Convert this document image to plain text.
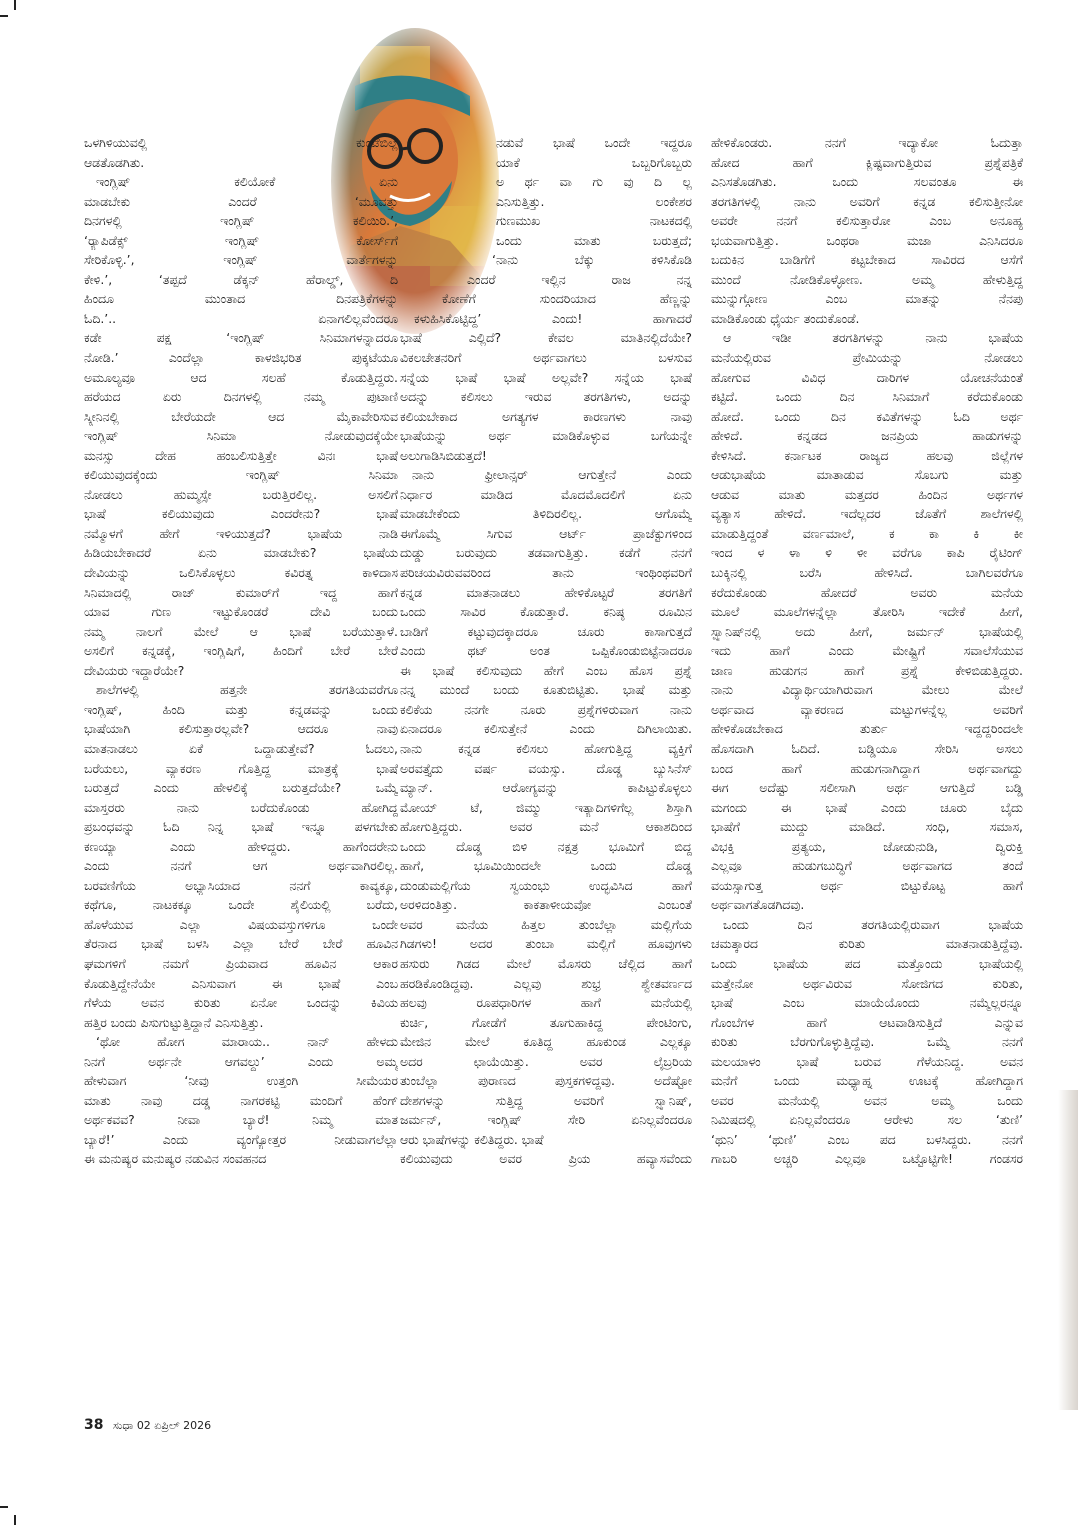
ಒಳಗಿಳಿಯುವಲ್ಲಿ ಕುಂಟೆಬಿಲ್ಲೆ
ಆಡತೊಡಗಿತು.
ಇಂಗ್ಲಿಷ್ ಕಲಿಯೋಕೆ ಏನು
ಮಾಡಬೇಕು ಎಂದರೆ ‘ಮೂವತ್ತು
ದಿನಗಳಲ್ಲಿ ಇಂಗ್ಲಿಷ್ ಕಲಿಯಿರಿ.’,
‘ರ‍್ಯಾಪಿಡೆಕ್ಸ್ ಇಂಗ್ಲಿಷ್ ಕೋರ್ಸ್‌ಗೆ
ಸೇರಿಕೊಳ್ಳಿ.’, ಇಂಗ್ಲಿಷ್ ವಾರ್ತೆಗಳನ್ನು
ಕೇಳಿ.’, ‘ತಪ್ಪದೆ ಡೆಕ್ಕನ್ ಹೆರಾಲ್ಡ್, ದಿ
ಹಿಂದೂ ಮುಂತಾದ ದಿನಪತ್ರಿಕೆಗಳನ್ನು
ಓದಿ.’.. ಏನಾಗಲಿಲ್ಲವೆಂದರೂ
ಕಡೇ ಪಕ್ಷ ‘ಇಂಗ್ಲಿಷ್ ಸಿನಿಮಾಗಳನ್ನಾದರೂ
ನೋಡಿ.’ ಎಂದೆಲ್ಲಾ ಕಾಳಜಿಭರಿತ ಪುಕ್ಕಟೆಯೂ
ಅಮೂಲ್ಯವೂ ಆದ ಸಲಹೆ ಕೊಡುತ್ತಿದ್ದರು.
ಹರೆಯದ ಏರು ದಿನಗಳಲ್ಲಿ ನಮ್ಮ ಪುಟಾಣಿ
ಸ್ಕ್ರೀನಿನಲ್ಲಿ ಬೇರೆಯದೇ ಆದ ಮೈಕಾವೇರಿಸುವ
ಇಂಗ್ಲಿಷ್ ಸಿನಿಮಾ ನೋಡುವುದಕ್ಕೆಯೇ
ಮನಸ್ಸು ದೇಹ ಹಂಬಲಿಸುತ್ತಿತ್ತೇ ವಿನಃ ಭಾಷೆ
ಕಲಿಯುವುದಕ್ಕೆಂದು ಇಂಗ್ಲಿಷ್ ಸಿನಿಮಾ
ನೋಡಲು ಹುಮ್ಮಸ್ಸೇ ಬರುತ್ತಿರಲಿಲ್ಲ. ಅಸಲಿಗೆ
ಭಾಷೆ ಕಲಿಯುವುದು ಎಂದರೇನು? ಭಾಷೆ
ನಮ್ಮೊಳಗೆ ಹೇಗೆ ಇಳಿಯುತ್ತದೆ? ಭಾಷೆಯ ನಾಡಿ
ಹಿಡಿಯಬೇಕಾದರೆ ಏನು ಮಾಡಬೇಕು? ಭಾಷೆಯ
ದೇವಿಯನ್ನು ಒಲಿಸಿಕೊಳ್ಳಲು ಕವಿರತ್ನ ಕಾಳಿದಾಸ
ಸಿನಿಮಾದಲ್ಲಿ ರಾಜ್ ಕುಮಾರ್‌ಗೆ ಇದ್ದ ಹಾಗೆ
ಯಾವ ಗುಣ ಇಟ್ಟುಕೊಂಡರೆ ದೇವಿ ಬಂದು
ನಮ್ಮ ನಾಲಗೆ ಮೇಲೆ ಆ ಭಾಷೆ ಬರೆಯುತ್ತಾಳೆ.
ಅಸಲಿಗೆ ಕನ್ನಡಕ್ಕೆ, ಇಂಗ್ಲಿಷಿಗೆ, ಹಿಂದಿಗೆ ಬೇರೆ ಬೇರೆ
ದೇವಿಯರು ಇದ್ದಾರೆಯೇ?
ಶಾಲೆಗಳಲ್ಲಿ ಹತ್ತನೇ ತರಗತಿಯವರೆಗೂ
ಇಂಗ್ಲಿಷ್, ಹಿಂದಿ ಮತ್ತು ಕನ್ನಡವನ್ನು ಒಂದು
ಭಾಷೆಯಾಗಿ ಕಲಿಸುತ್ತಾರಲ್ಲವೇ? ಆದರೂ ನಾವು
ಮಾತನಾಡಲು ಏಕೆ ಒದ್ದಾಡುತ್ತೇವೆ? ಓದಲು,
ಬರೆಯಲು, ವ್ಯಾಕರಣ ಗೊತ್ತಿದ್ದ ಮಾತ್ರಕ್ಕೆ ಭಾಷೆ
ಬರುತ್ತದೆ ಎಂದು ಹೇಳಲಿಕ್ಕೆ ಬರುತ್ತದೆಯೇ? ಒಮ್ಮೆ
ಮಾಸ್ತರರು ನಾನು ಬರೆದುಕೊಂಡು ಹೋಗಿದ್ದ
ಪ್ರಬಂಧವನ್ನು ಓದಿ ನಿನ್ನ ಭಾಷೆ ಇನ್ನೂ ಪಳಗಬೇಕು
ಕಣಯ್ಯಾ ಎಂದು ಹೇಳಿದ್ದರು. ಹಾಗೆಂದರೇನು
ಎಂದು ನನಗೆ ಆಗ ಅರ್ಥವಾಗಿರಲಿಲ್ಲ.
ಬರವಣಿಗೆಯ ಅಭ್ಯಾಸಿಯಾದ ನನಗೆ ಕಾವ್ಯಕ್ಕೂ,
ಕಥೆಗೂ, ನಾಟಕಕ್ಕೂ ಒಂದೇ ಶೈಲಿಯಲ್ಲಿ ಬರೆದು,
ಹೊಳೆಯುವ ಎಲ್ಲಾ ವಿಷಯವಸ್ತುಗಳಿಗೂ ಒಂದೇ
ತೆರನಾದ ಭಾಷೆ ಬಳಸಿ ಎಲ್ಲಾ ಬೇರೆ ಬೇರೆ ಹೂವಿನ
ಘಮಗಳಿಗೆ ನಮಗೆ ಪ್ರಿಯವಾದ ಹೂವಿನ ಆಕಾರ
ಕೊಡುತ್ತಿದ್ದೇನೆಯೇ ಎನಿಸುವಾಗ ಈ ಭಾಷೆ ಎಂಬ
ಗೆಳೆಯ ಅವನ ಕುರಿತು ಏನೋ ಒಂದನ್ನು ಕಿವಿಯ
ಹತ್ತಿರ ಬಂದು ಪಿಸುಗುಟ್ಟುತ್ತಿದ್ದಾನೆ ಎನಿಸುತ್ತಿತ್ತು.
‘ಥೋ ಹೋಗ ಮಾರಾಯ.. ನಾನ್ ಹೇಳದು
ನಿನಗೆ ಅರ್ಥನೇ ಆಗವಲ್ದು’ ಎಂದು ಅಮ್ಮ
ಹೇಳುವಾಗ ‘ನೀವು ಉತ್ತಂಗಿ ಸೀಮೆಯರ
ಮಾತು ನಾವು ದಡ್ಡ ನಾಗರಕಟ್ಟಿ ಮಂದಿಗೆ ಹೆಂಗ್
ಅರ್ಥಕವವ? ನೀವಾ ಬ್ಯಾರೆ! ನಿಮ್ಮ ಮಾತ
ಬ್ಯಾರೆ!’ ಎಂದು ವ್ಯಂಗ್ಯೋತ್ತರ ನೀಡುವಾಗಲೆಲ್ಲಾ
ಈ ಮನುಷ್ಯರ ಮನುಷ್ಯರ ನಡುವಿನ ಸಂವಹನದ
ನಡುವೆ ಭಾಷೆ ಒಂದೇ ಇದ್ದರೂ
ಯಾಕೆ ಒಬ್ಬರಿಗೊಬ್ಬರು
ಅ ರ್ಥ ವಾ ಗು ವು ದಿ ಲ್ಲ
ಎನಿಸುತ್ತಿತ್ತು. ಲಂಕೇಶರ
ಗುಣಮುಖ ನಾಟಕದಲ್ಲಿ
ಒಂದು ಮಾತು ಬರುತ್ತದೆ;
‘ನಾನು ಬೆಕ್ಕು ಕಳಿಸಿಕೊಡಿ
ಎಂದರೆ ಇಲ್ಲಿನ ರಾಜ ನನ್ನ
ಕೋಣೆಗೆ ಸುಂದರಿಯಾದ ಹೆಣ್ಣನ್ನು
ಕಳುಹಿಸಿಕೊಟ್ಟಿದ್ದ’ ಎಂದು! ಹಾಗಾದರೆ
ಭಾಷೆ ಎಲ್ಲಿದೆ? ಕೇವಲ ಮಾತಿನಲ್ಲಿದೆಯೇ?
ವಿಕಲಚೇತನರಿಗೆ ಅರ್ಥವಾಗಲು ಬಳಸುವ
ಸನ್ನೆಯ ಭಾಷೆ ಭಾಷೆ ಅಲ್ಲವೇ? ಸನ್ನೆಯ ಭಾಷೆ
ಅದನ್ನು ಕಲಿಸಲು ಇರುವ ತರಗತಿಗಳು, ಅದನ್ನು
ಕಲಿಯಬೇಕಾದ ಅಗತ್ಯಗಳ ಕಾರಣಗಳು ನಾವು
ಭಾಷೆಯನ್ನು ಅರ್ಥ ಮಾಡಿಕೊಳ್ಳುವ ಬಗೆಯನ್ನೇ
ಅಲುಗಾಡಿಸಿಬಿಡುತ್ತದೆ!
ನಾನು ಫ್ರೀಲಾನ್ಸರ್ ಆಗುತ್ತೇನೆ ಎಂದು
ನಿರ್ಧಾರ ಮಾಡಿದ ಮೊದಮೊದಲಿಗೆ ಏನು
ಮಾಡಬೇಕೆಂದು ತಿಳಿದಿರಲಿಲ್ಲ. ಆಗೊಮ್ಮೆ
ಈಗೊಮ್ಮೆ ಸಿಗುವ ಆರ್ಟ್ ಪ್ರಾಜೆಕ್ಟುಗಳಿಂದ
ದುಡ್ಡು ಬರುವುದು ತಡವಾಗುತ್ತಿತ್ತು. ಕಡೆಗೆ ನನಗೆ
ಪರಿಚಯವಿರುವವರಿಂದ ತಾನು ಇಂಥಿಂಥವರಿಗೆ
ಕನ್ನಡ ಮಾತನಾಡಲು ಹೇಳಿಕೊಟ್ಟರೆ ತರಗತಿಗೆ
ಒಂದು ಸಾವಿರ ಕೊಡುತ್ತಾರೆ. ಕನಿಷ್ಠ ರೂಮಿನ
ಬಾಡಿಗೆ ಕಟ್ಟುವುದಕ್ಕಾದರೂ ಚೂರು ಕಾಸಾಗುತ್ತದೆ
ಎಂದು ಥಟ್ ಅಂತ ಒಪ್ಪಿಕೊಂಡುಬಿಟ್ಟೆನಾದರೂ
ಈ ಭಾಷೆ ಕಲಿಸುವುದು ಹೇಗೆ ಎಂಬ ಹೊಸ ಪ್ರಶ್ನೆ
ನನ್ನ ಮುಂದೆ ಬಂದು ಕೂತುಬಿಟ್ಟಿತು. ಭಾಷೆ ಮತ್ತು
ಕಲಿಕೆಯ ನನಗೇ ನೂರು ಪ್ರಶ್ನೆಗಳಿರುವಾಗ ನಾನು
ಏನಾದರೂ ಕಲಿಸುತ್ತೇನೆ ಎಂದು ದಿಗಿಲಾಯಿತು.
ನಾನು ಕನ್ನಡ ಕಲಿಸಲು ಹೋಗುತ್ತಿದ್ದ ವ್ಯಕ್ತಿಗೆ
ಅರವತ್ತೈದು ವರ್ಷ ವಯಸ್ಸು. ದೊಡ್ಡ ಬ್ಯುಸಿನೆಸ್
ಮ್ಯಾನ್. ಆರೋಗ್ಯವನ್ನು ಕಾಪಿಟ್ಟುಕೊಳ್ಳಲು
ಮೋಯ್ ಟೆ, ಜಿಮ್ಮು ಇತ್ಯಾದಿಗಳಿಗೆಲ್ಲ ಶಿಸ್ತಾಗಿ
ಹೋಗುತ್ತಿದ್ದರು. ಅವರ ಮನೆ ಆಕಾಶದಿಂದ
ಒಂದು ದೊಡ್ಡ ಬಿಳಿ ನಕ್ಷತ್ರ ಭೂಮಿಗೆ ಬಿದ್ದ
ಹಾಗೆ, ಭೂಮಿಯಿಂದಲೇ ಒಂದು ದೊಡ್ಡ
ದುಂಡುಮಲ್ಲಿಗೆಯ ಸ್ವಯಂಭು ಉದ್ಭವಿಸಿದ ಹಾಗೆ
ಅರಳಿದಂತಿತ್ತು. ಕಾಕತಾಳೀಯವೋ ಎಂಬಂತೆ
ಅವರ ಮನೆಯ ಹಿತ್ತಲ ತುಂಬೆಲ್ಲಾ ಮಲ್ಲಿಗೆಯ
ಗಿಡಗಳು! ಅದರ ತುಂಬಾ ಮಲ್ಲಿಗೆ ಹೂವುಗಳು
ಹಸುರು ಗಿಡದ ಮೇಲೆ ಮೊಸರು ಚೆಲ್ಲಿದ ಹಾಗೆ
ಹರಡಿಕೊಂಡಿದ್ದವು. ಎಲ್ಲವು ಶುಭ್ರ ಶ್ವೇತವರ್ಣದ
ಹಲವು ರೂಪಧಾರಿಗಳ ಹಾಗೆ ಮನೆಯಲ್ಲಿ
ಕುರ್ಚಿ, ಗೋಡೆಗೆ ತೂಗುಹಾಕಿದ್ದ ಪೇಂಟಿಂಗು,
ಮೇಜಿನ ಮೇಲೆ ಕೂತಿದ್ದ ಹೂಕುಂಡ ಎಲ್ಲಕ್ಕೂ
ಅದರ ಛಾಯೆಯಿತ್ತು. ಅವರ ಲೈಬ್ರರಿಯ
ತುಂಬೆಲ್ಲಾ ಪುರಾಣದ ಪುಸ್ತಕಗಳಿದ್ದವು. ಅದೆಷ್ಟೋ
ದೇಶಗಳನ್ನು ಸುತ್ತಿದ್ದ ಅವರಿಗೆ ಸ್ಪ್ಯಾನಿಷ್,
ಜರ್ಮನ್, ಇಂಗ್ಲಿಷ್ ಸೇರಿ ಏನಿಲ್ಲವೆಂದರೂ
ಆರು ಭಾಷೆಗಳನ್ನು ಕಲಿತಿದ್ದರು. ಭಾಷೆ
ಕಲಿಯುವುದು ಅವರ ಪ್ರಿಯ ಹವ್ಯಾಸವೆಂದು
ಹೇಳಿಕೊಂಡರು. ನನಗೆ ಇದ್ಯಾಕೋ ಓದುತ್ತಾ
ಹೋದ ಹಾಗೆ ಕ್ಲಿಷ್ಟವಾಗುತ್ತಿರುವ ಪ್ರಶ್ನೆಪತ್ರಿಕೆ
ಎನಿಸತೊಡಗಿತು. ಒಂದು ಸಲವಂತೂ ಈ
ತರಗತಿಗಳಲ್ಲಿ ನಾನು ಅವರಿಗೆ ಕನ್ನಡ ಕಲಿಸುತ್ತೀನೋ
ಅವರೇ ನನಗೆ ಕಲಿಸುತ್ತಾರೋ ಎಂಬ ಅನೂಹ್ಯ
ಭಯವಾಗುತ್ತಿತ್ತು. ಒಂಥರಾ ಮಜಾ ಎನಿಸಿದರೂ
ಬದುಕಿನ ಬಾಡಿಗೆಗೆ ಕಟ್ಟಬೇಕಾದ ಸಾವಿರದ ಆಸೆಗೆ
ಮುಂದೆ ನೋಡಿಕೊಳ್ಳೋಣ. ಅಮ್ಮ ಹೇಳುತ್ತಿದ್ದ
ಮುನ್ನುಗ್ಗೋಣ ಎಂಬ ಮಾತನ್ನು ನೆನಪು
ಮಾಡಿಕೊಂಡು ಧೈರ್ಯ ತಂದುಕೊಂಡೆ.
ಆ ಇಡೀ ತರಗತಿಗಳನ್ನು ನಾನು ಭಾಷೆಯ
ಮನೆಯಲ್ಲಿರುವ ಪ್ರೇಮಿಯನ್ನು ನೋಡಲು
ಹೋಗುವ ವಿವಿಧ ದಾರಿಗಳ ಯೋಚನೆಯಂತೆ
ಕಟ್ಟಿದೆ. ಒಂದು ದಿನ ಸಿನಿಮಾಗೆ ಕರೆದುಕೊಂಡು
ಹೋದೆ. ಒಂದು ದಿನ ಕವಿತೆಗಳನ್ನು ಓದಿ ಅರ್ಥ
ಹೇಳಿದೆ. ಕನ್ನಡದ ಜನಪ್ರಿಯ ಹಾಡುಗಳನ್ನು
ಕೇಳಿಸಿದೆ. ಕರ್ನಾಟಕ ರಾಜ್ಯದ ಹಲವು ಜಿಲ್ಲೆಗಳ
ಆಡುಭಾಷೆಯ ಮಾತಾಡುವ ಸೊಬಗು ಮತ್ತು
ಆಡುವ ಮಾತು ಮತ್ತದರ ಹಿಂದಿನ ಅರ್ಥಗಳ
ವ್ಯತ್ಯಾಸ ಹೇಳಿದೆ. ಇದೆಲ್ಲದರ ಜೊತೆಗೆ ಶಾಲೆಗಳಲ್ಲಿ
ಮಾಡುತ್ತಿದ್ದಂತೆ ವರ್ಣಮಾಲೆ, ಕ ಕಾ ಕಿ ಕೀ
ಇಂದ ಳ ಳಾ ಳಿ ಳೀ ವರೆಗೂ ಕಾಪಿ ರೈಟಿಂಗ್
ಬುಕ್ಕಿನಲ್ಲಿ ಬರೆಸಿ ಹೇಳಿಸಿದೆ. ಬಾಗಿಲವರೆಗೂ
ಕರೆದುಕೊಂಡು ಹೋದರೆ ಅವರು ಮನೆಯ
ಮೂಲೆ ಮೂಲೆಗಳನ್ನೆಲ್ಲಾ ತೋರಿಸಿ ಇದೇಕೆ ಹೀಗೆ,
ಸ್ಪ್ಯಾನಿಷ್‌ನಲ್ಲಿ ಅದು ಹೀಗೆ, ಜರ್ಮನ್ ಭಾಷೆಯಲ್ಲಿ
ಇದು ಹಾಗೆ ಎಂದು ಮೇಷ್ಟ್ರಿಗೆ ಸವಾಲೆಸೆಯುವ
ಜಾಣ ಹುಡುಗನ ಹಾಗೆ ಪ್ರಶ್ನೆ ಕೇಳಿಬಿಡುತ್ತಿದ್ದರು.
ನಾನು ವಿದ್ಯಾರ್ಥಿಯಾಗಿರುವಾಗ ಮೇಲು ಮೇಲೆ
ಅರ್ಥವಾದ ವ್ಯಾಕರಣದ ಮಟ್ಟುಗಳನ್ನೆಲ್ಲ ಅವರಿಗೆ
ಹೇಳಿಕೊಡಬೇಕಾದ ತುರ್ತು ಇದ್ದದ್ದರಿಂದಲೇ
ಹೊಸದಾಗಿ ಓದಿದೆ. ಬಡ್ಡಿಯೂ ಸೇರಿಸಿ ಅಸಲು
ಬಂದ ಹಾಗೆ ಹುಡುಗನಾಗಿದ್ದಾಗ ಅರ್ಥವಾಗದ್ದು
ಈಗ ಅದೆಷ್ಟು ಸಲೀಸಾಗಿ ಅರ್ಥ ಆಗುತ್ತಿದೆ ಬಡ್ಡಿ
ಮಗಂದು ಈ ಭಾಷೆ ಎಂದು ಚೂರು ಬೈದು
ಭಾಷೆಗೆ ಮುದ್ದು ಮಾಡಿದೆ. ಸಂಧಿ, ಸಮಾಸ,
ವಿಭಕ್ತಿ ಪ್ರತ್ಯಯ, ಜೋಡುನುಡಿ, ದ್ವಿರುಕ್ತಿ
ಎಲ್ಲವೂ ಹುಡುಗಬುದ್ಧಿಗೆ ಅರ್ಥವಾಗದ ತಂದೆ
ವಯಸ್ಸಾಗುತ್ತ ಅರ್ಥ ಬಿಟ್ಟುಕೊಟ್ಟ ಹಾಗೆ
ಅರ್ಥವಾಗತೊಡಗಿದವು.
ಒಂದು ದಿನ ತರಗತಿಯಲ್ಲಿರುವಾಗ ಭಾಷೆಯ
ಚಮತ್ಕಾರದ ಕುರಿತು ಮಾತನಾಡುತ್ತಿದ್ದೆವು.
ಒಂದು ಭಾಷೆಯ ಪದ ಮತ್ತೊಂದು ಭಾಷೆಯಲ್ಲಿ
ಮತ್ತೇನೋ ಅರ್ಥವಿರುವ ಸೋಜಿಗದ ಕುರಿತು,
ಭಾಷೆ ಎಂಬ ಮಾಯೆಯೊಂದು ನಮ್ಮೆಲ್ಲರನ್ನೂ
ಗೊಂಬೆಗಳ ಹಾಗೆ ಆಟವಾಡಿಸುತ್ತಿದೆ ಎನ್ನುವ
ಕುರಿತು ಬೆರಗುಗೊಳ್ಳುತ್ತಿದ್ದೆವು. ಒಮ್ಮೆ ನನಗೆ
ಮಲಯಾಳಂ ಭಾಷೆ ಬರುವ ಗೆಳೆಯನಿದ್ದ. ಅವನ
ಮನೆಗೆ ಒಂದು ಮಧ್ಯಾಹ್ನ ಊಟಕ್ಕೆ ಹೋಗಿದ್ದಾಗ
ಅವರ ಮನೆಯಲ್ಲಿ ಅವನ ಅಮ್ಮ ಒಂದು
ನಿಮಿಷದಲ್ಲಿ ಏನಿಲ್ಲವೆಂದರೂ ಆರೇಳು ಸಲ ‘ತುಣಿ’
‘ಥುನಿ’ ‘ಥುಣಿ’ ಎಂಬ ಪದ ಬಳಸಿದ್ದರು. ನನಗೆ
ಗಾಬರಿ ಅಚ್ಚರಿ ಎಲ್ಲವೂ ಒಟ್ಟೊಟ್ಟಿಗೇ! ಗಂಡಸರ
38 ಸುಧಾ 02 ಏಪ್ರಿಲ್ 2026
